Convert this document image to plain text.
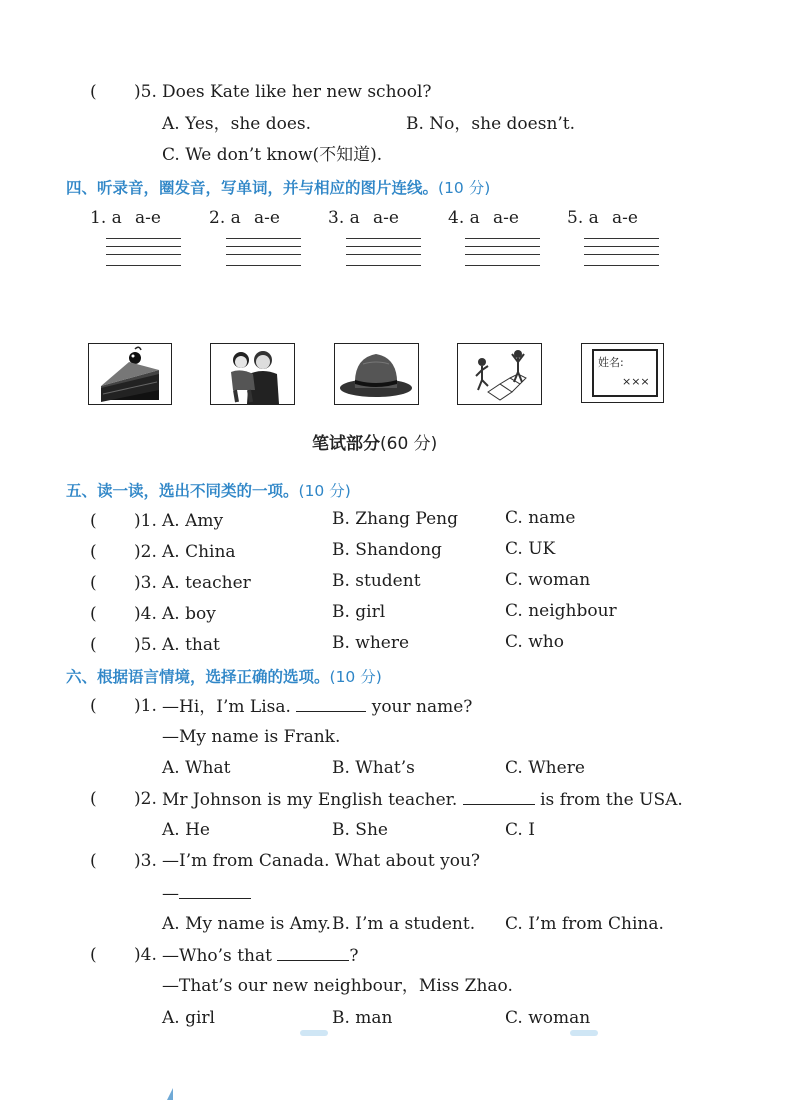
( )5. Does Kate like her new school?
A. Yes，she does.	B. No，she doesn’t.
C. We don’t know(不知道).
四、听录音，圈发音，写单词，并与相应的图片连线。(10 分)
1. a a-e	2. a a-e	3. a a-e	4. a a-e	5. a a-e
姓名:
×××
笔试部分(60 分)
五、读一读，选出不同类的一项。(10 分)
( )1. A. Amy	B. Zhang Peng	C. name
( )2. A. China	B. Shandong	C. UK
( )3. A. teacher	B. student	C. woman
( )4. A. boy	B. girl	C. neighbour
( )5. A. that	B. where	C. who
六、根据语言情境，选择正确的选项。(10 分)
( )1. —Hi，I’m Lisa.	your name?
—My name is Frank.
A. What	B. What’s	C. Where
( )2. Mr Johnson is my English teacher.	is from the USA.
A. He	B. She	C. I
( )3. —I’m from Canada. What about you?
—
A. My name is Amy. B. I’m a student. C. I’m from China.
( )4. —Who’s that	?
—That’s our new neighbour，Miss Zhao.
A. girl	B. man	C. woman
